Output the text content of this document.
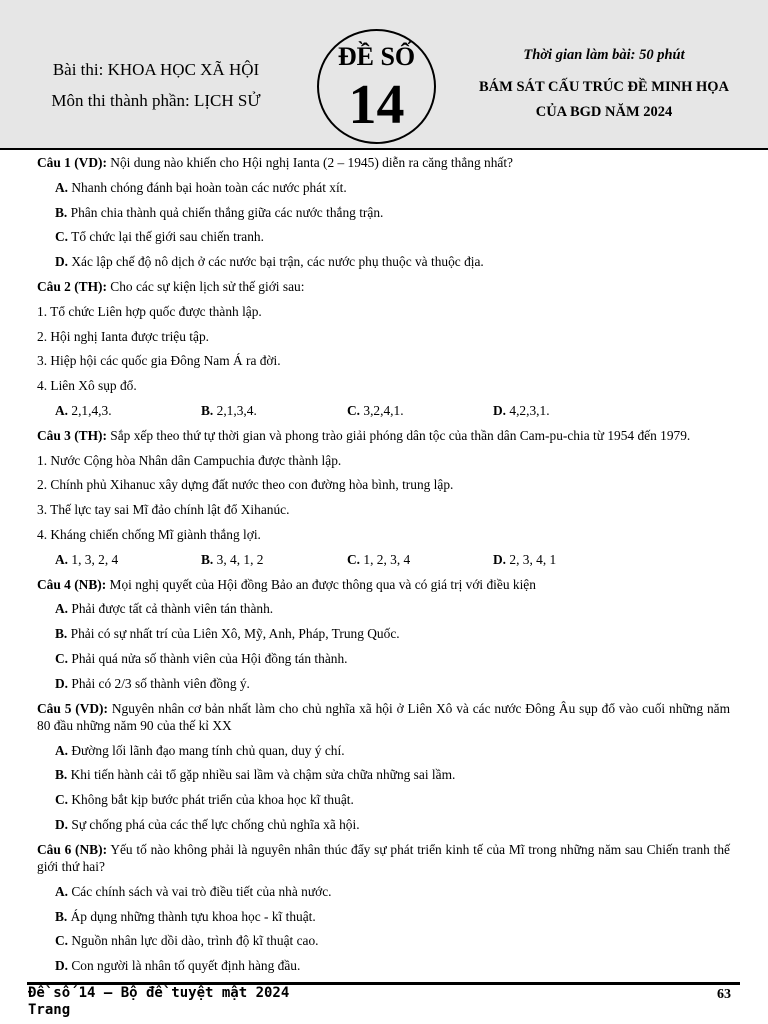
Bài thi: KHOA HỌC XÃ HỘI
Môn thi thành phần: LỊCH SỬ
ĐỀ SỐ
14
Thời gian làm bài: 50 phút
BÁM SÁT CẤU TRÚC ĐỀ MINH HỌA
CỦA BGD NĂM 2024
Câu 1 (VD): Nội dung nào khiến cho Hội nghị Ianta (2 – 1945) diễn ra căng thẳng nhất?
A. Nhanh chóng đánh bại hoàn toàn các nước phát xít.
B. Phân chia thành quả chiến thắng giữa các nước thắng trận.
C. Tổ chức lại thế giới sau chiến tranh.
D. Xác lập chế độ nô dịch ở các nước bại trận, các nước phụ thuộc và thuộc địa.
Câu 2 (TH): Cho các sự kiện lịch sử thế giới sau:
1. Tổ chức Liên hợp quốc được thành lập.
2. Hội nghị Ianta được triệu tập.
3. Hiệp hội các quốc gia Đông Nam Á ra đời.
4. Liên Xô sụp đổ.
A. 2,1,4,3.	B. 2,1,3,4.	C. 3,2,4,1.	D. 4,2,3,1.
Câu 3 (TH): Sắp xếp theo thứ tự thời gian và phong trào giải phóng dân tộc của thần dân Cam-pu-chia từ 1954 đến 1979.
1. Nước Cộng hòa Nhân dân Campuchia được thành lập.
2. Chính phủ Xihanuc xây dựng đất nước theo con đường hòa bình, trung lập.
3. Thế lực tay sai Mĩ đảo chính lật đổ Xihanúc.
4. Kháng chiến chống Mĩ giành thắng lợi.
A. 1, 3, 2, 4	B. 3, 4, 1, 2	C. 1, 2, 3, 4	D. 2, 3, 4, 1
Câu 4 (NB): Mọi nghị quyết của Hội đồng Bảo an được thông qua và có giá trị với điều kiện
A. Phải được tất cả thành viên tán thành.
B. Phải có sự nhất trí của Liên Xô, Mỹ, Anh, Pháp, Trung Quốc.
C. Phải quá nửa số thành viên của Hội đồng tán thành.
D. Phải có 2/3 số thành viên đồng ý.
Câu 5 (VD): Nguyên nhân cơ bản nhất làm cho chủ nghĩa xã hội ở Liên Xô và các nước Đông Âu sụp đổ vào cuối những năm 80 đầu những năm 90 của thế kỉ XX
A. Đường lối lãnh đạo mang tính chủ quan, duy ý chí.
B. Khi tiến hành cải tổ gặp nhiều sai lầm và chậm sửa chữa những sai lầm.
C. Không bắt kịp bước phát triển của khoa học kĩ thuật.
D. Sự chống phá của các thế lực chống chủ nghĩa xã hội.
Câu 6 (NB): Yếu tố nào không phải là nguyên nhân thúc đẩy sự phát triển kinh tế của Mĩ trong những năm sau Chiến tranh thế giới thứ hai?
A. Các chính sách và vai trò điều tiết của nhà nước.
B. Áp dụng những thành tựu khoa học - kĩ thuật.
C. Nguồn nhân lực dồi dào, trình độ kĩ thuật cao.
D. Con người là nhân tố quyết định hàng đầu.
Đề số 14 – Bộ đề tuyệt mật 2024
Trang
63
